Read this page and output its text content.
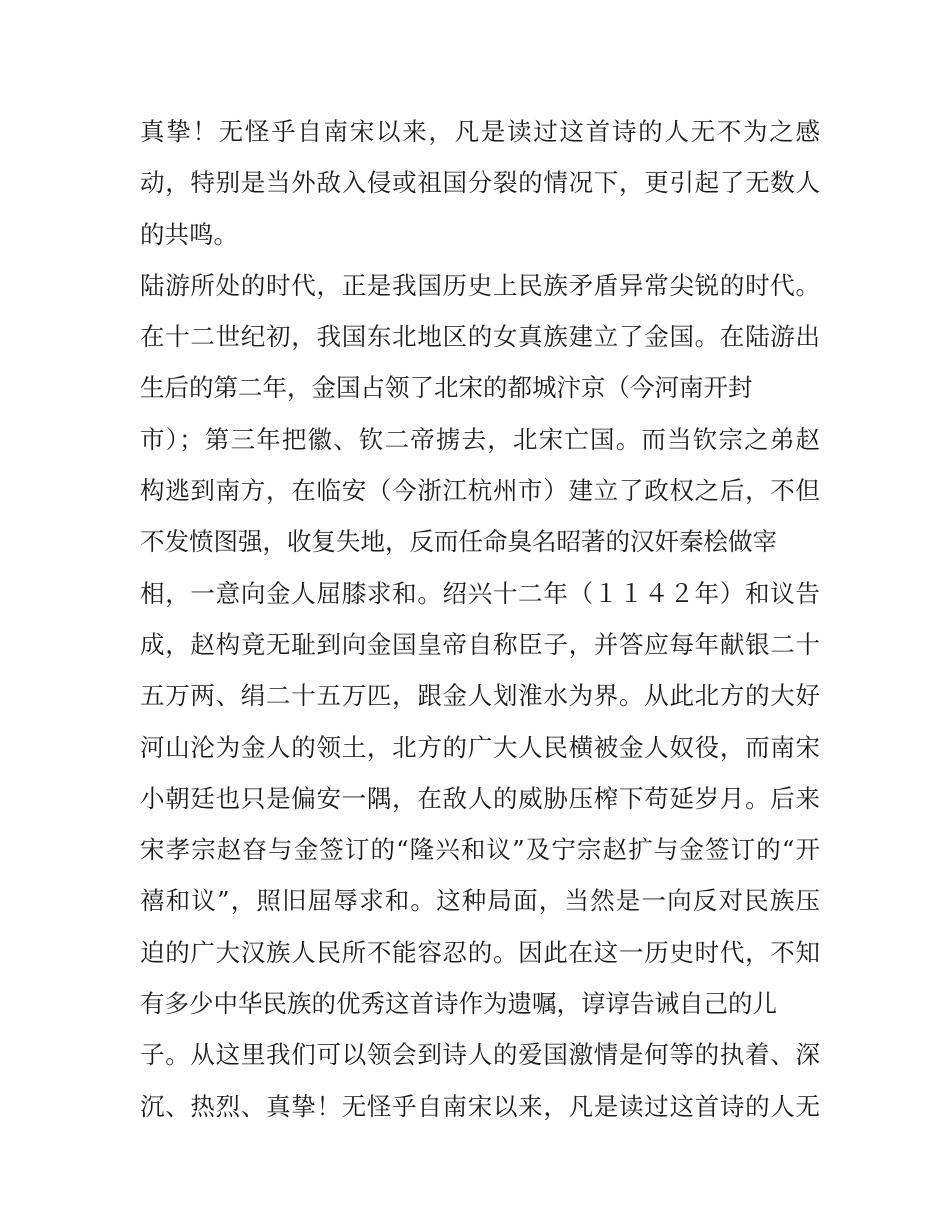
真挚！无怪乎自南宋以来，凡是读过这首诗的人无不为之感
动，特别是当外敌入侵或祖国分裂的情况下，更引起了无数人
的共鸣。
陆游所处的时代，正是我国历史上民族矛盾异常尖锐的时代。
在十二世纪初，我国东北地区的女真族建立了金国。在陆游出
生后的第二年，金国占领了北宋的都城汴京（今河南开封
市）；第三年把徽、钦二帝掳去，北宋亡国。而当钦宗之弟赵
构逃到南方，在临安（今浙江杭州市）建立了政权之后，不但
不发愤图强，收复失地，反而任命臭名昭著的汉奸秦桧做宰
相，一意向金人屈膝求和。绍兴十二年（１１４２年）和议告
成，赵构竟无耻到向金国皇帝自称臣子，并答应每年献银二十
五万两、绢二十五万匹，跟金人划淮水为界。从此北方的大好
河山沦为金人的领土，北方的广大人民横被金人奴役，而南宋
小朝廷也只是偏安一隅，在敌人的威胁压榨下苟延岁月。后来
宋孝宗赵昚与金签订的“隆兴和议”及宁宗赵扩与金签订的“开
禧和议”，照旧屈辱求和。这种局面，当然是一向反对民族压
迫的广大汉族人民所不能容忍的。因此在这一历史时代，不知
有多少中华民族的优秀这首诗作为遗嘱，谆谆告诫自己的儿
子。从这里我们可以领会到诗人的爱国激情是何等的执着、深
沉、热烈、真挚！无怪乎自南宋以来，凡是读过这首诗的人无
